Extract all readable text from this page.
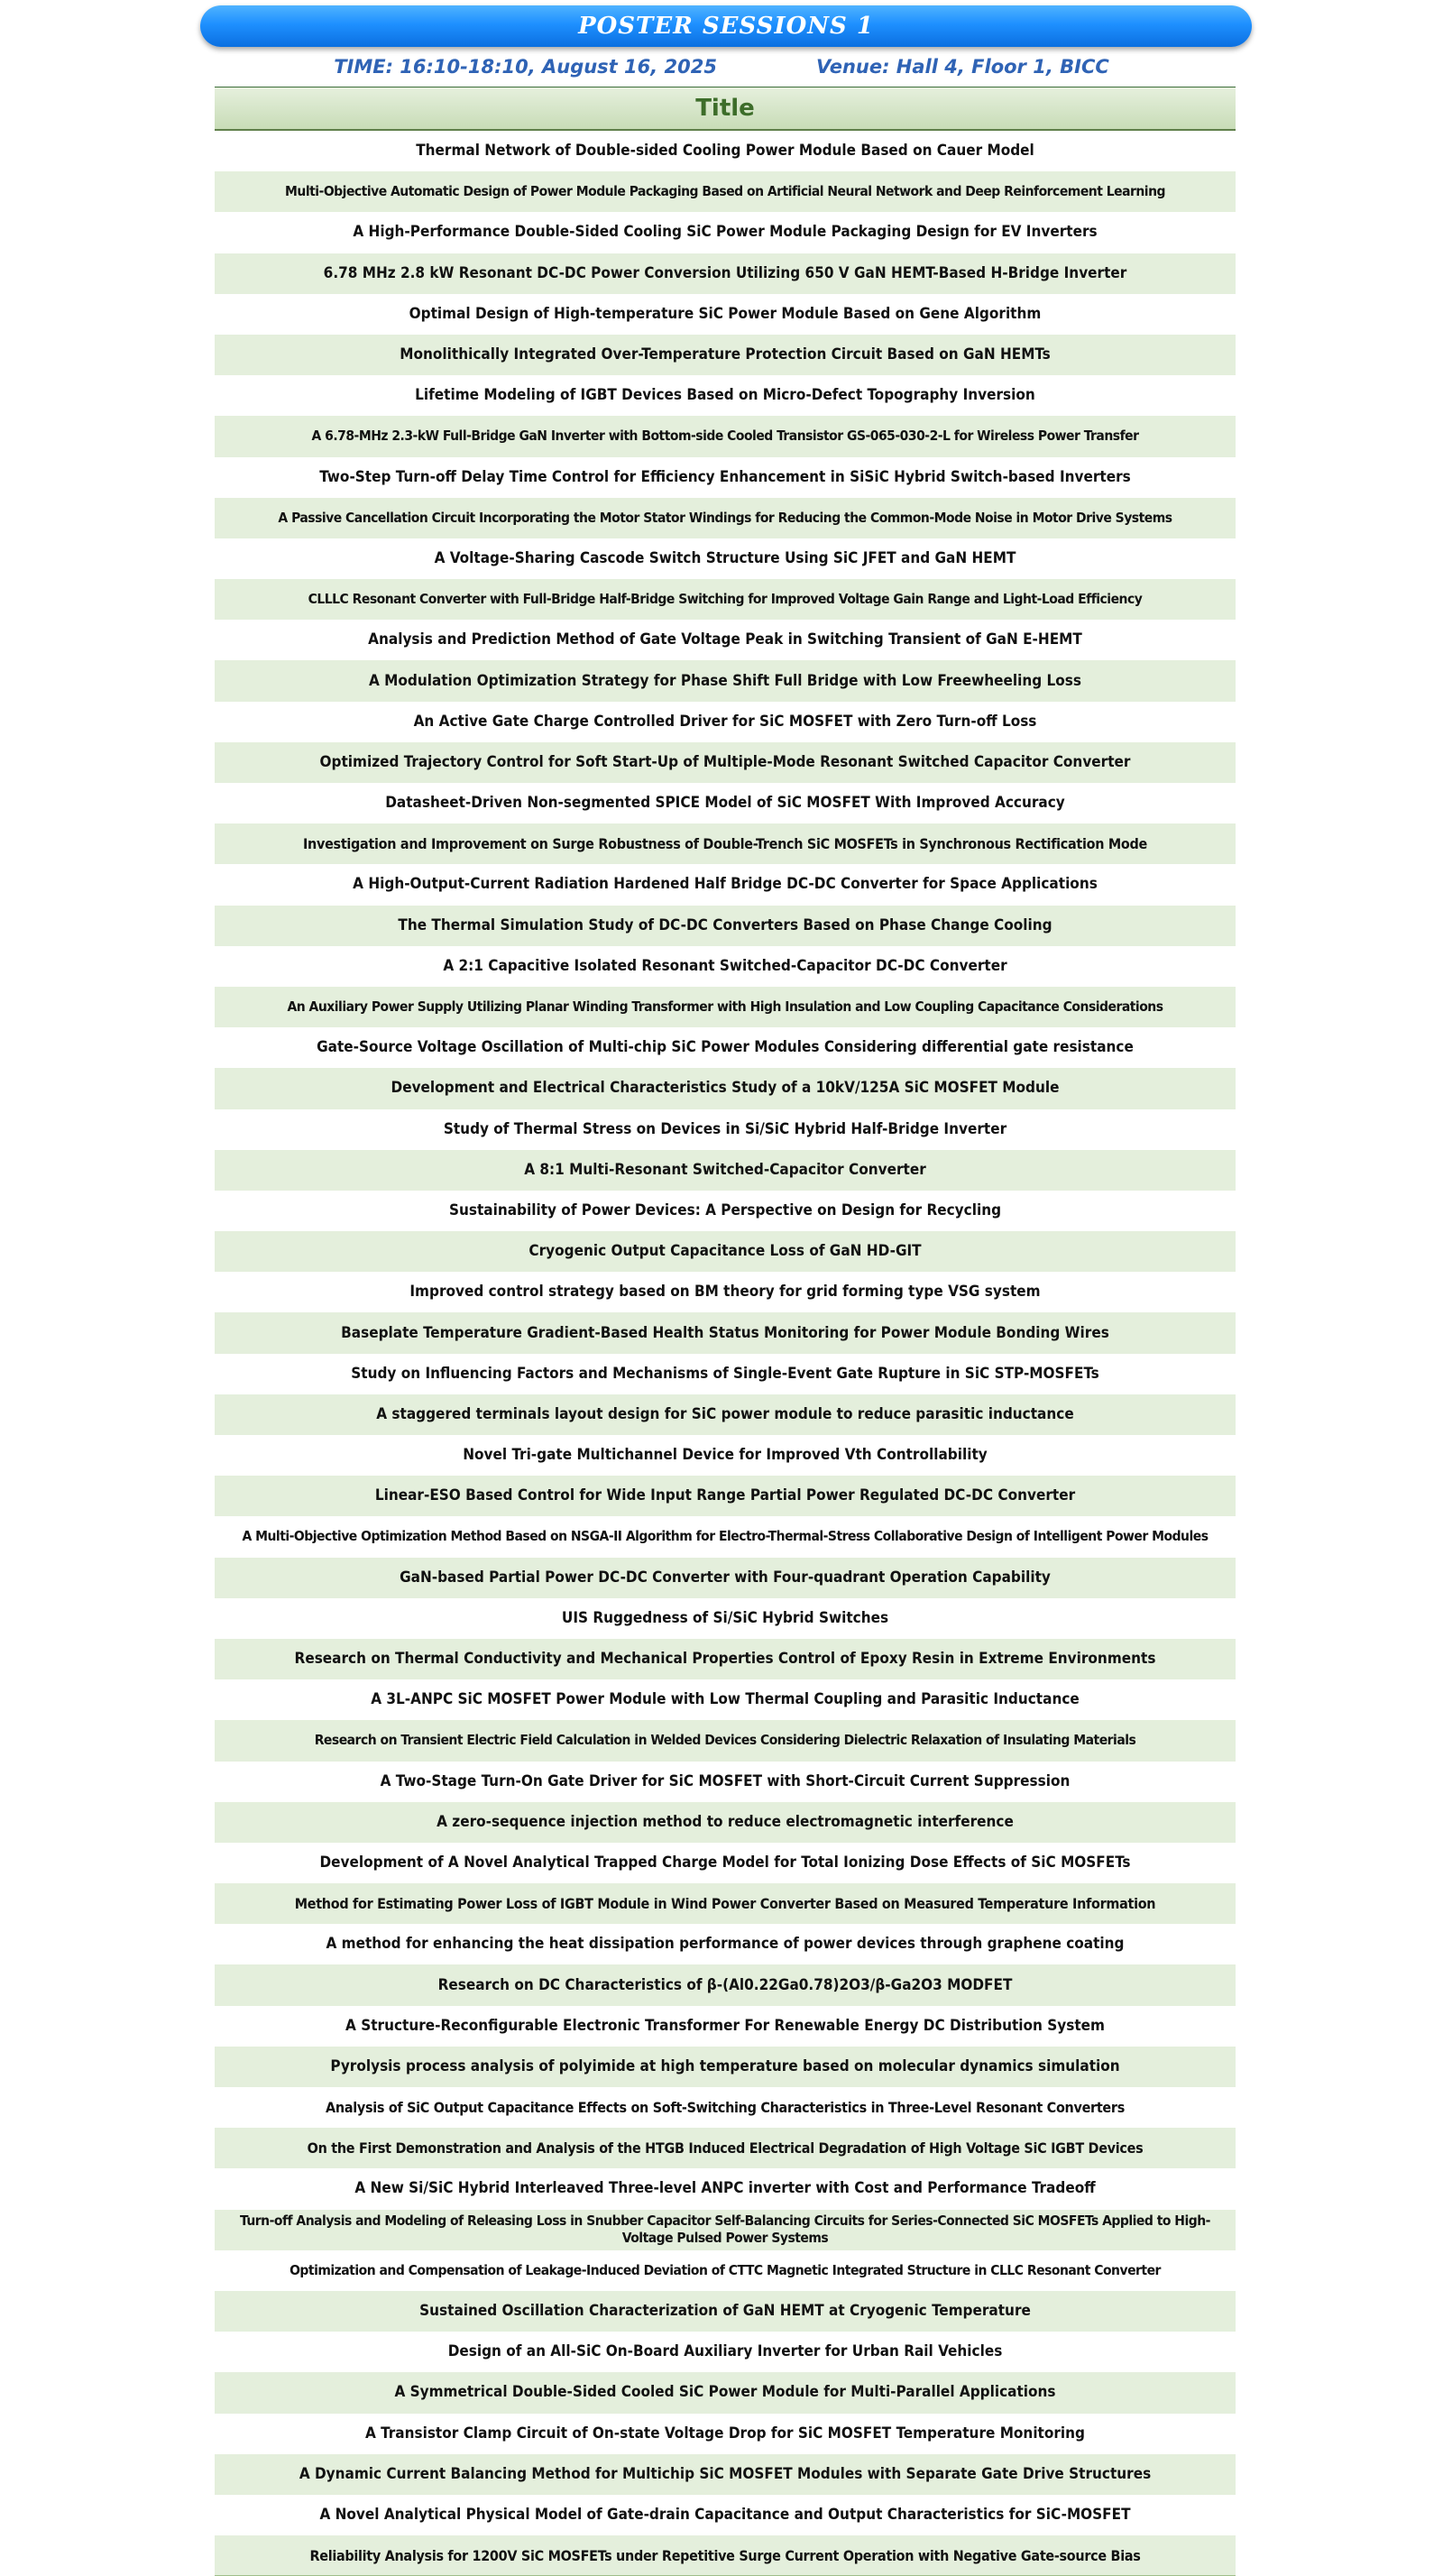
POSTER SESSIONS 1
TIME: 16:10-18:10, August 16, 2025	Venue: Hall 4, Floor 1, BICC
Title
Thermal Network of Double-sided Cooling Power Module Based on Cauer Model
Multi-Objective Automatic Design of Power Module Packaging Based on Artificial Neural Network and Deep Reinforcement Learning
A High-Performance Double-Sided Cooling SiC Power Module Packaging Design for EV Inverters
6.78 MHz 2.8 kW Resonant DC-DC Power Conversion Utilizing 650 V GaN HEMT-Based H-Bridge Inverter
Optimal Design of High-temperature SiC Power Module Based on Gene Algorithm
Monolithically Integrated Over-Temperature Protection Circuit Based on GaN HEMTs
Lifetime Modeling of IGBT Devices Based on Micro-Defect Topography Inversion
A 6.78-MHz 2.3-kW Full-Bridge GaN Inverter with Bottom-side Cooled Transistor GS-065-030-2-L for Wireless Power Transfer
Two-Step Turn-off Delay Time Control for Efficiency Enhancement in SiSiC Hybrid Switch-based Inverters
A Passive Cancellation Circuit Incorporating the Motor Stator Windings for Reducing the Common-Mode Noise in Motor Drive Systems
A Voltage-Sharing Cascode Switch Structure Using SiC JFET and GaN HEMT
CLLLC Resonant Converter with Full-Bridge Half-Bridge Switching for Improved Voltage Gain Range and Light-Load Efficiency
Analysis and Prediction Method of Gate Voltage Peak in Switching Transient of GaN E-HEMT
A Modulation Optimization Strategy for Phase Shift Full Bridge with Low Freewheeling Loss
An Active Gate Charge Controlled Driver for SiC MOSFET with Zero Turn-off Loss
Optimized Trajectory Control for Soft Start-Up of Multiple-Mode Resonant Switched Capacitor Converter
Datasheet-Driven Non-segmented SPICE Model of SiC MOSFET With Improved Accuracy
Investigation and Improvement on Surge Robustness of Double-Trench SiC MOSFETs in Synchronous Rectification Mode
A High-Output-Current Radiation Hardened Half Bridge DC-DC Converter for Space Applications
The Thermal Simulation Study of DC-DC Converters Based on Phase Change Cooling
A 2:1 Capacitive Isolated Resonant Switched-Capacitor DC-DC Converter
An Auxiliary Power Supply Utilizing Planar Winding Transformer with High Insulation and Low Coupling Capacitance Considerations
Gate-Source Voltage Oscillation of Multi-chip SiC Power Modules Considering differential gate resistance
Development and Electrical Characteristics Study of a 10kV/125A SiC MOSFET Module
Study of Thermal Stress on Devices in Si/SiC Hybrid Half-Bridge Inverter
A 8:1 Multi-Resonant Switched-Capacitor Converter
Sustainability of Power Devices: A Perspective on Design for Recycling
Cryogenic Output Capacitance Loss of GaN HD-GIT
Improved control strategy based on BM theory for grid forming type VSG system
Baseplate Temperature Gradient-Based Health Status Monitoring for Power Module Bonding Wires
Study on Influencing Factors and Mechanisms of Single-Event Gate Rupture in SiC STP-MOSFETs
A staggered terminals layout design for SiC power module to reduce parasitic inductance
Novel Tri-gate Multichannel Device for Improved Vth Controllability
Linear-ESO Based Control for Wide Input Range Partial Power Regulated DC-DC Converter
A Multi-Objective Optimization Method Based on NSGA-II Algorithm for Electro-Thermal-Stress Collaborative Design of Intelligent Power Modules
GaN-based Partial Power DC-DC Converter with Four-quadrant Operation Capability
UIS Ruggedness of Si/SiC Hybrid Switches
Research on Thermal Conductivity and Mechanical Properties Control of Epoxy Resin in Extreme Environments
A 3L-ANPC SiC MOSFET Power Module with Low Thermal Coupling and Parasitic Inductance
Research on Transient Electric Field Calculation in Welded Devices Considering Dielectric Relaxation of Insulating Materials
A Two-Stage Turn-On Gate Driver for SiC MOSFET with Short-Circuit Current Suppression
A zero-sequence injection method to reduce electromagnetic interference
Development of A Novel Analytical Trapped Charge Model for Total Ionizing Dose Effects of SiC MOSFETs
Method for Estimating Power Loss of IGBT Module in Wind Power Converter Based on Measured Temperature Information
A method for enhancing the heat dissipation performance of power devices through graphene coating
Research on DC Characteristics of β-(Al0.22Ga0.78)2O3/β-Ga2O3 MODFET
A Structure-Reconfigurable Electronic Transformer For Renewable Energy DC Distribution System
Pyrolysis process analysis of polyimide at high temperature based on molecular dynamics simulation
Analysis of SiC Output Capacitance Effects on Soft-Switching Characteristics in Three-Level Resonant Converters
On the First Demonstration and Analysis of the HTGB Induced Electrical Degradation of High Voltage SiC IGBT Devices
A New Si/SiC Hybrid Interleaved Three-level ANPC inverter with Cost and Performance Tradeoff
Turn-off Analysis and Modeling of Releasing Loss in Snubber Capacitor Self-Balancing Circuits for Series-Connected SiC MOSFETs Applied to High-Voltage Pulsed Power Systems
Optimization and Compensation of Leakage-Induced Deviation of CTTC Magnetic Integrated Structure in CLLC Resonant Converter
Sustained Oscillation Characterization of GaN HEMT at Cryogenic Temperature
Design of an All-SiC On-Board Auxiliary Inverter for Urban Rail Vehicles
A Symmetrical Double-Sided Cooled SiC Power Module for Multi-Parallel Applications
A Transistor Clamp Circuit of On-state Voltage Drop for SiC MOSFET Temperature Monitoring
A Dynamic Current Balancing Method for Multichip SiC MOSFET Modules with Separate Gate Drive Structures
A Novel Analytical Physical Model of Gate-drain Capacitance and Output Characteristics for SiC-MOSFET
Reliability Analysis for 1200V SiC MOSFETs under Repetitive Surge Current Operation with Negative Gate-source Bias
